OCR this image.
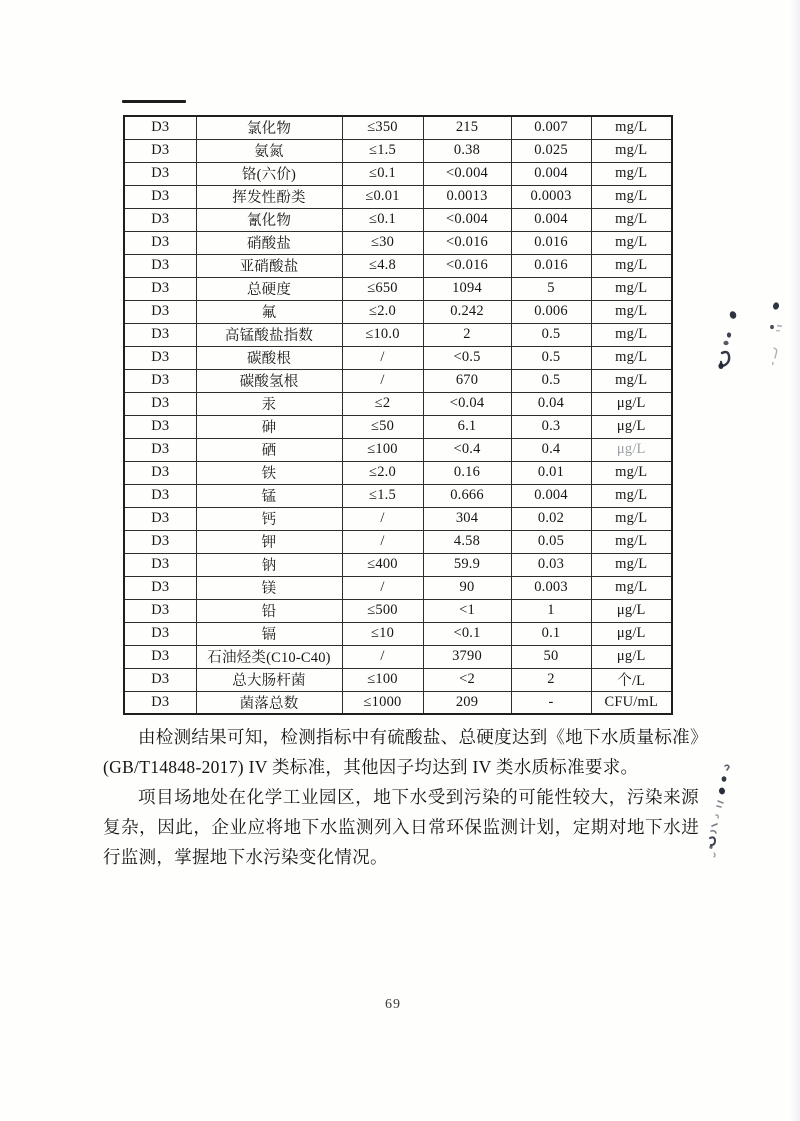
D3	氯化物	≤350	215	0.007	mg/L
D3	氨氮	≤1.5	0.38	0.025	mg/L
D3	铬(六价)	≤0.1	<0.004	0.004	mg/L
D3	挥发性酚类	≤0.01	0.0013	0.0003	mg/L
D3	氰化物	≤0.1	<0.004	0.004	mg/L
D3	硝酸盐	≤30	<0.016	0.016	mg/L
D3	亚硝酸盐	≤4.8	<0.016	0.016	mg/L
D3	总硬度	≤650	1094	5	mg/L
D3	氟	≤2.0	0.242	0.006	mg/L
D3	高锰酸盐指数	≤10.0	2	0.5	mg/L
D3	碳酸根	/	<0.5	0.5	mg/L
D3	碳酸氢根	/	670	0.5	mg/L
D3	汞	≤2	<0.04	0.04	μg/L
D3	砷	≤50	6.1	0.3	μg/L
D3	硒	≤100	<0.4	0.4	μg/L
D3	铁	≤2.0	0.16	0.01	mg/L
D3	锰	≤1.5	0.666	0.004	mg/L
D3	钙	/	304	0.02	mg/L
D3	钾	/	4.58	0.05	mg/L
D3	钠	≤400	59.9	0.03	mg/L
D3	镁	/	90	0.003	mg/L
D3	铅	≤500	<1	1	μg/L
D3	镉	≤10	<0.1	0.1	μg/L
D3	石油烃类(C10-C40)	/	3790	50	μg/L
D3	总大肠杆菌	≤100	<2	2	个/L
D3	菌落总数	≤1000	209	-	CFU/mL

由检测结果可知，检测指标中有硫酸盐、总硬度达到《地下水质量标准》(GB/T14848-2017) IV 类标准，其他因子均达到 IV 类水质标准要求。

项目场地处在化学工业园区，地下水受到污染的可能性较大，污染来源复杂，因此，企业应将地下水监测列入日常环保监测计划，定期对地下水进行监测，掌握地下水污染变化情况。

69
